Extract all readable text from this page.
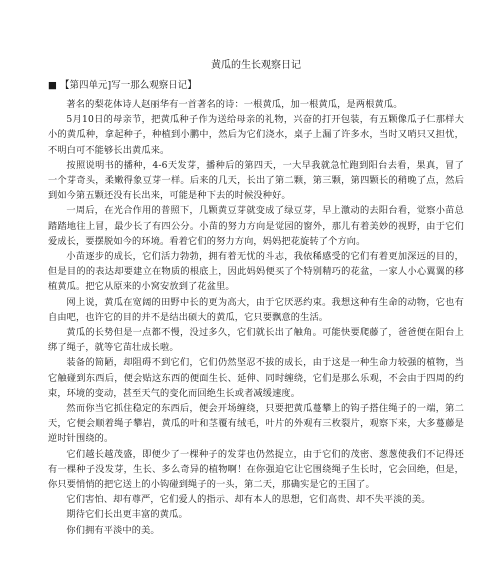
黄瓜的生长观察日记
■ 【第四单元]写一那么观察日记】

著名的梨花体诗人赵丽华有一首著名的诗：一根黄瓜，加一根黄瓜，是两根黄瓜。

5月10日的母亲节，把黄瓜种子作为送给母亲的礼物，兴奋的打开包装，有五颗像瓜子仁那样大小的黄瓜种，拿起种子，种植到小鹏中，然后为它们浇水，桌子上漏了许多水，当时又哨只又担忧，不明白可不能够长出黄瓜来。

按照说明书的播种，4-6天发芽，播种后的第四天，一大早我就急忙跑到阳台去看，果真，冒了一个芽奇头，柔嫩得象豆芽一样。后来的几天，长出了第二颗，第三颗，第四颗长的稍晚了点，然后到如今第五颗还没有长出来，可能是种下去的时候没种好。

一周后，在光合作用的普照下，几颗黄豆芽就变成了绿豆芽，早上激动的去阳台看，觉察小苗总踏踏地往上冒，最少长了有四公分。小苗的努力方向是觉园的窗外，那儿有着美妙的视野，由于它们爱成长，要摆脱如今的环境。看着它们的努力方向，妈妈把花旋转了个方向。

小苗逐步的成长，它们活力勃勃，拥有着无忧的斗志，我依稀感受的它们有着更加深远的目的，但是目的的表达却要建立在物质的根底上，因此妈妈便买了个特别精巧的花盆，一家人小心翼翼的移植黄瓜。把它从原来的小窝安放到了花盆里。

网上说，黄瓜在宽阔的田野中长的更为高大，由于它厌恶约束。我想这种有生命的动物，它也有自由吧，也许它的目的并不是结出硕大的黄瓜，它只要飘意的生活。

黄瓜的长势但是一点都不慢，没过多久，它们就长出了触角。可能快要爬藤了，爸爸便在阳台上绑了绳子，就等它苗壮成长啦。

装备的简陋，却阻碍不到它们，它们仍然坚忍不拔的成长，由于这是一种生命力较强的植物，当它触碰到东西后，便会贴这东西的便面生长、延伸、同时缠绕，它们是那么乐观，不会由于四周的约束，环境的变动，甚至天气的变化而回绝生长或者减缓速度。

然而你当它抓住稳定的东西后，便会开场缠绕，只要把黄瓜蔓攀上的钩子搭住绳子的一端，第二天，它便会顺着绳子攀岩，黄瓜的叶和茎覆有绒毛，叶片的外观有三枚裂片，观察下来，大多蔓藤是逆时针围绕的。

它们越长越茂盛，即便少了一棵种子的发芽也仍然捉立，由于它们的茂密、葱葱使我们不记得还有一棵种子没发芽，生长、多么奇异的植物啊！在你强迫它让它围绕绳子生长时，它会回绝，但是，你只要悄悄的把它送上的小钩碰到绳子的一头，第二天，那确实是它的王国了。

它们害怕、却有尊严，它们爱人的指示、却有本人的思想，它们高贵、却不失平淡的美。

期待它们长出更丰富的黄瓜。

你们拥有平淡中的美。
